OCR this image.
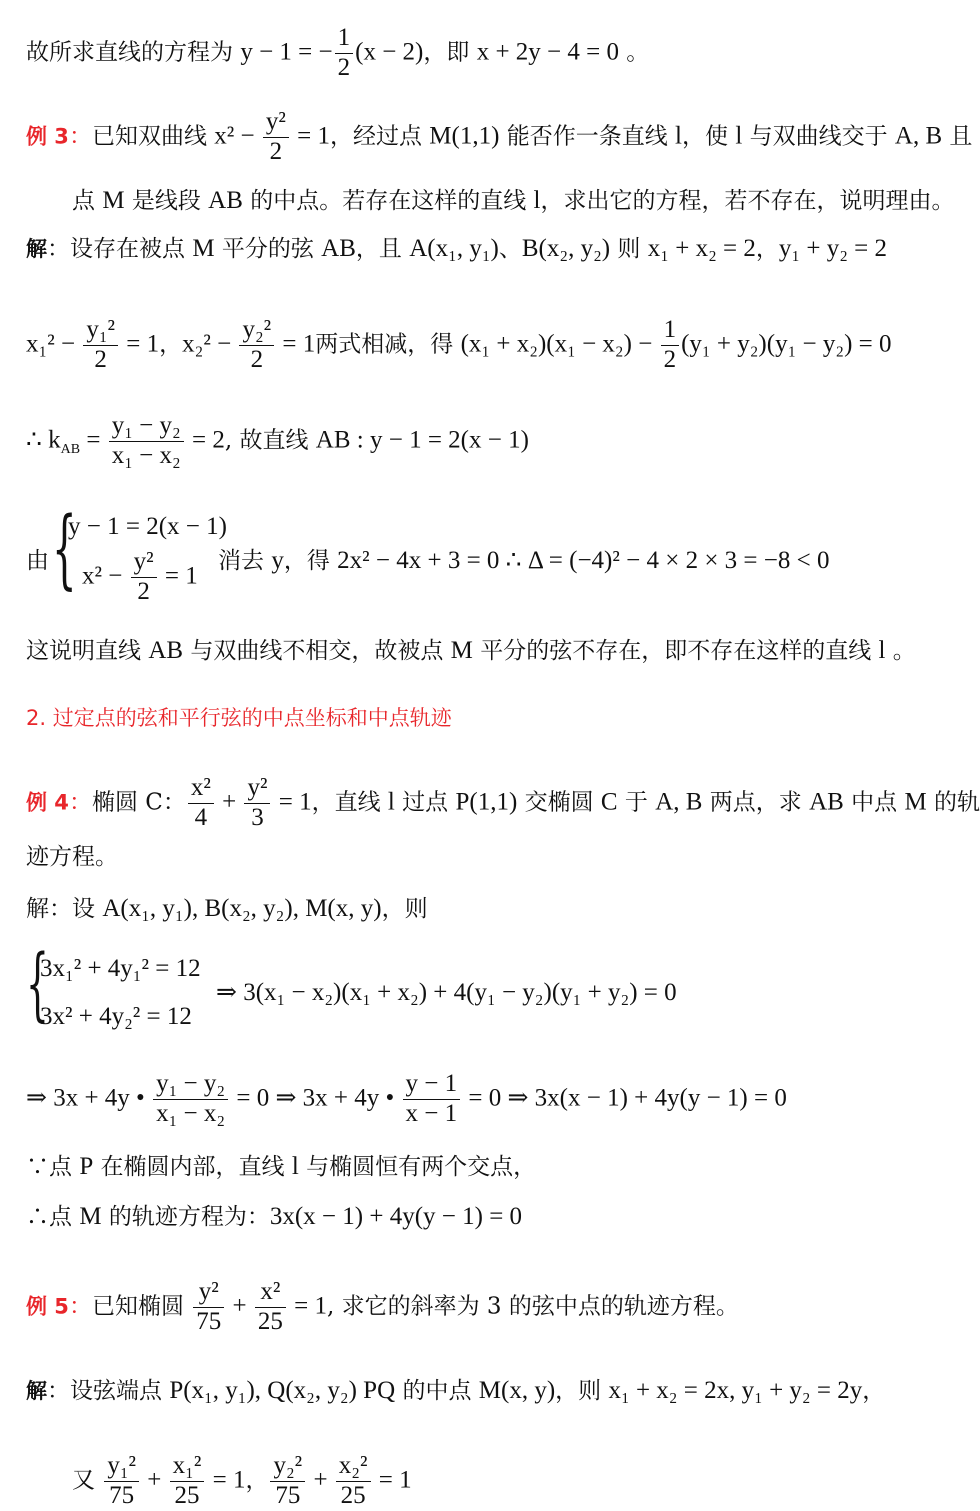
故所求直线的方程为 y − 1 = − $\frac{1}{2} (x - 2)$，即 x + 2y − 4 = 0 。
例 3：已知双曲线 $x^2 - \frac{\text{y²}}{2} = 1$，经过点 M(1,1) 能否作一条直线 l，使 l 与双曲线交于 A, B 且
点 M 是线段 AB 的中点。若存在这样的直线 l，求出它的方程，若不存在，说明理由。
解：设存在被点 M 平分的弦 AB，且 A(x₁, y₁)、B(x₂, y₂) 则 x₁ + x₂ = 2，y₁ + y₂ = 2
$x_1^2 - \frac{\text{y₁²}}{2} = 1$，$x_2^2 - \frac{\text{y₂²}}{2} = 1$两式相减，得 $(x_1 + x_2)(x_1 - x_2) - \frac{1}{2} (y_1 + y_2)(y_1 - y_2) = 0$
∴ $k_{AB} = \frac{\text{y₁ − y₂}}{\text{x₁ − x₂}} = 2$, 故直线 AB : y − 1 = 2(x − 1)
由 {
y − 1 = 2(x − 1)
$x^2 - \frac{\text{y²}}{2} = 1$
消去 y，得 2x² − 4x + 3 = 0 ∴ Δ = (−4)² − 4 × 2 × 3 = −8 < 0
这说明直线 AB 与双曲线不相交，故被点 M 平分的弦不存在，即不存在这样的直线 l 。
2. 过定点的弦和平行弦的中点坐标和中点轨迹
例 4：椭圆 C： $\frac{\text{x²}}{4} + \frac{\text{y²}}{3} = 1$，直线 l 过点 P(1,1) 交椭圆 C 于 A, B 两点，求 AB 中点 M 的轨
迹方程。
解：设 A(x₁, y₁), B(x₂, y₂), M(x, y)，则
{
3x₁² + 4y₁² = 12
3x² + 4y₂² = 12
⇒ 3(x₁ − x₂)(x₁ + x₂) + 4(y₁ − y₂)(y₁ + y₂) = 0
⇒ 3x + 4y • $\frac{\text{y₁ − y₂}}{\text{x₁ − x₂}} = 0$ ⇒ 3x + 4y • $\frac{y - 1}{x - 1} = 0$ ⇒ 3x(x − 1) + 4y(y − 1) = 0
∵点 P 在椭圆内部，直线 l 与椭圆恒有两个交点，
∴点 M 的轨迹方程为：3x(x − 1) + 4y(y − 1) = 0
例 5：已知椭圆 $\frac{\text{y²}}{75} + \frac{\text{x²}}{25} = 1$, 求它的斜率为 3 的弦中点的轨迹方程。
解：设弦端点 P(x₁, y₁), Q(x₂, y₂) PQ 的中点 M(x, y)，则 x₁ + x₂ = 2x, y₁ + y₂ = 2y，
又 $\frac{\text{y₁²}}{75} + \frac{\text{x₁²}}{25} = 1$， $\frac{\text{y₂²}}{75} + \frac{\text{x₂²}}{25} = 1$
